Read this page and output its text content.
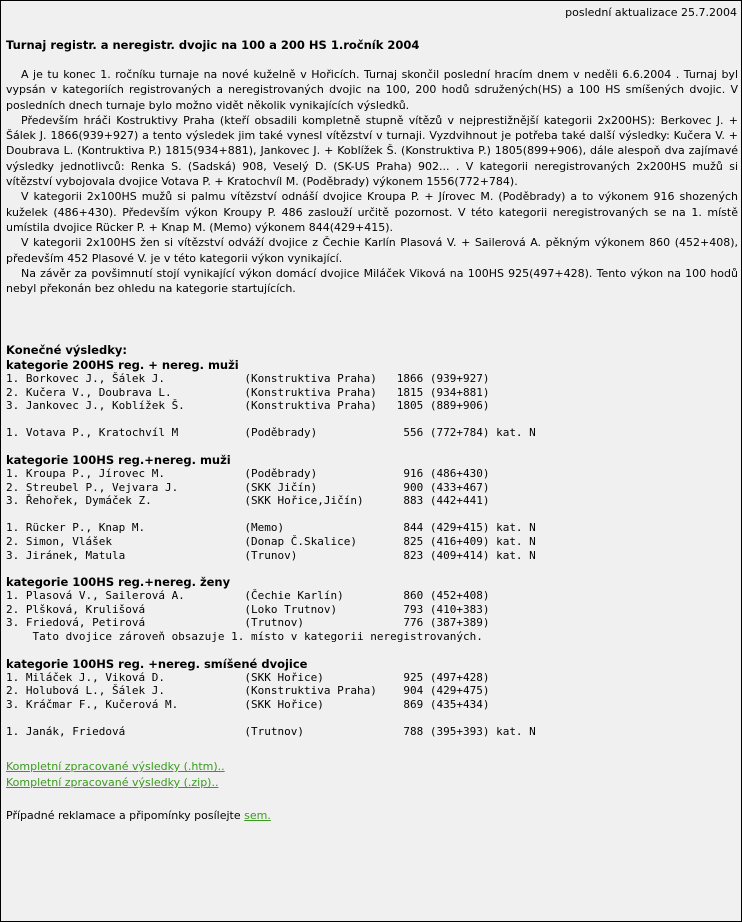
poslední aktualizace 25.7.2004
Turnaj registr. a neregistr. dvojic na 100 a 200 HS 1.ročník 2004

A je tu konec 1. ročníku turnaje na nové kuželně v Hořicích. Turnaj skončil poslední hracím dnem v neděli 6.6.2004 . Turnaj byl vypsán v kategoriích registrovaných a neregistrovaných dvojic na 100, 200 hodů sdružených(HS) a 100 HS smíšených dvojic. V posledních dnech turnaje bylo možno vidět několik vynikajících výsledků.

Především hráči Kostruktivy Praha (kteří obsadili kompletně stupně vítězů v nejprestižnější kategorii 2x200HS): Berkovec J. + Šálek J. 1866(939+927) a tento výsledek jim také vynesl vítězství v turnaji. Vyzdvihnout je potřeba také další výsledky: Kučera V. + Doubrava L. (Kontruktiva P.) 1815(934+881), Jankovec J. + Koblížek Š. (Konstruktiva P.) 1805(899+906), dále alespoň dva zajímavé výsledky jednotlivců: Renka S. (Sadská) 908, Veselý D. (SK-US Praha) 902... . V kategorii neregistrovaných 2x200HS mužů si vítězství vybojovala dvojice Votava P. + Kratochvíl M. (Poděbrady) výkonem 1556(772+784).

V kategorii 2x100HS mužů si palmu vítězství odnáší dvojice Kroupa P. + Jírovec M. (Poděbrady) a to výkonem 916 shozených kuželek (486+430). Především výkon Kroupy P. 486 zaslouží určitě pozornost. V této kategorii neregistrovaných se na 1. místě umístila dvojice Rücker P. + Knap M. (Memo) výkonem 844(429+415).

V kategorii 2x100HS žen si vítězství odváží dvojice z Čechie Karlín Plasová V. + Sailerová A. pěkným výkonem 860 (452+408), především 452 Plasové V. je v této kategorii výkon vynikající.

Na závěr za povšimnutí stojí vynikající výkon domácí dvojice Miláček Viková na 100HS 925(497+428). Tento výkon na 100 hodů nebyl překonán bez ohledu na kategorie startujících.

Konečné výsledky:
kategorie 200HS reg. + nereg. muži
1. Borkovec J., Šálek J.            (Konstruktiva Praha)   1866 (939+927)
2. Kučera V., Doubrava L.           (Konstruktiva Praha)   1815 (934+881)
3. Jankovec J., Koblížek Š.         (Konstruktiva Praha)   1805 (889+906)
1. Votava P., Kratochvíl M          (Poděbrady)             556 (772+784) kat. N
kategorie 100HS reg.+nereg. muži
1. Kroupa P., Jírovec M.            (Poděbrady)             916 (486+430)
2. Streubel P., Vejvara J.          (SKK Jičín)             900 (433+467)
3. Řehořek, Dymáček Z.              (SKK Hořice,Jičín)      883 (442+441)
1. Rücker P., Knap M.               (Memo)                  844 (429+415) kat. N
2. Simon, Vlášek                    (Donap Č.Skalice)       825 (416+409) kat. N
3. Jiránek, Matula                  (Trunov)                823 (409+414) kat. N
kategorie 100HS reg.+nereg. ženy
1. Plasová V., Sailerová A.         (Čechie Karlín)         860 (452+408)
2. Plšková, Krulišová               (Loko Trutnov)          793 (410+383)
3. Friedová, Petirová               (Trutnov)               776 (387+389)
Tato dvojice zároveň obsazuje 1. místo v kategorii neregistrovaných.
kategorie 100HS reg. +nereg. smíšené dvojice
1. Miláček J., Viková D.            (SKK Hořice)            925 (497+428)
2. Holubová L., Šálek J.            (Konstruktiva Praha)    904 (429+475)
3. Kráčmar F., Kučerová M.          (SKK Hořice)            869 (435+434)
1. Janák, Friedová                  (Trutnov)               788 (395+393) kat. N
Kompletní zpracované výsledky (.htm)..
Kompletní zpracované výsledky (.zip)..
Případné reklamace a připomínky posílejte sem.
